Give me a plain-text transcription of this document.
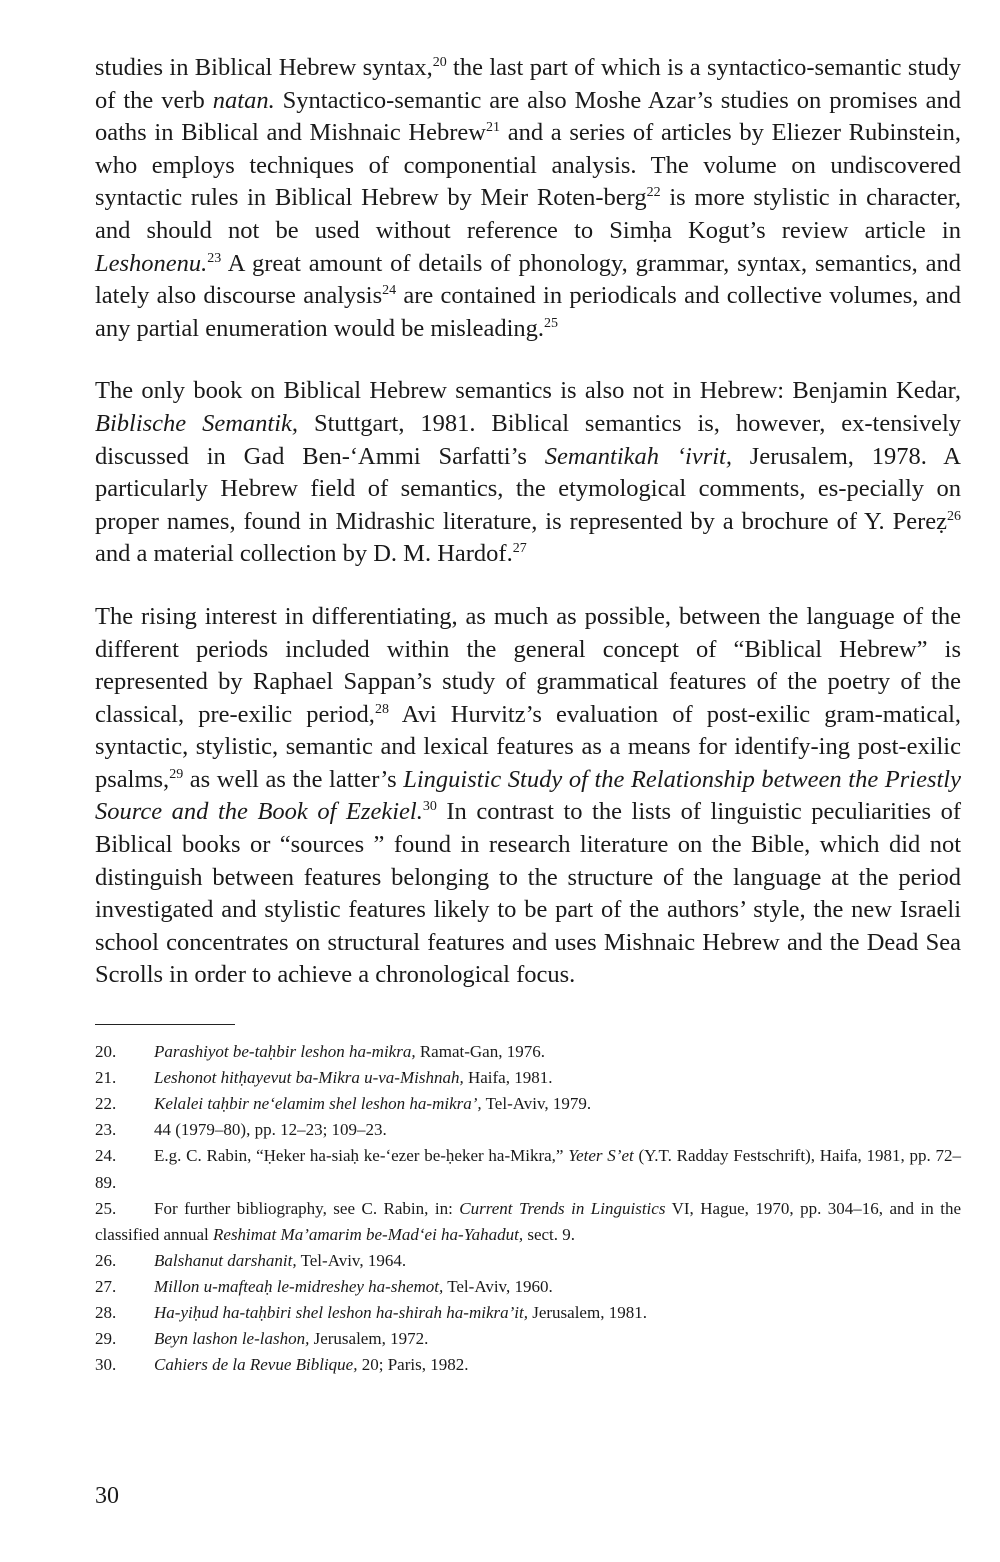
studies in Biblical Hebrew syntax,$^{20}$ the last part of which is a syntactico-semantic study of the verb natan. Syntactico-semantic are also Moshe Azar’s studies on promises and oaths in Biblical and Mishnaic Hebrew$^{21}$ and a series of articles by Eliezer Rubinstein, who employs techniques of componential analysis. The volume on undiscovered syntactic rules in Biblical Hebrew by Meir Roten-berg$^{22}$ is more stylistic in character, and should not be used without reference to Simḥa Kogut’s review article in Leshonenu.$^{23}$ A great amount of details of phonology, grammar, syntax, semantics, and lately also discourse analysis$^{24}$ are contained in periodicals and collective volumes, and any partial enumeration would be misleading.$^{25}$

The only book on Biblical Hebrew semantics is also not in Hebrew: Benjamin Kedar, Biblische Semantik, Stuttgart, 1981. Biblical semantics is, however, ex-tensively discussed in Gad Ben-‘Ammi Sarfatti’s Semantikah ‘ivrit, Jerusalem, 1978. A particularly Hebrew field of semantics, the etymological comments, es-pecially on proper names, found in Midrashic literature, is represented by a brochure of Y. Pereẓ$^{26}$ and a material collection by D. M. Hardof.$^{27}$

The rising interest in differentiating, as much as possible, between the language of the different periods included within the general concept of “Biblical Hebrew” is represented by Raphael Sappan’s study of grammatical features of the poetry of the classical, pre-exilic period,$^{28}$ Avi Hurvitz’s evaluation of post-exilic gram-matical, syntactic, stylistic, semantic and lexical features as a means for identify-ing post-exilic psalms,$^{29}$ as well as the latter’s Linguistic Study of the Relationship between the Priestly Source and the Book of Ezekiel.$^{30}$ In contrast to the lists of linguistic peculiarities of Biblical books or “sources ” found in research literature on the Bible, which did not distinguish between features belonging to the structure of the language at the period investigated and stylistic features likely to be part of the authors’ style, the new Israeli school concentrates on structural features and uses Mishnaic Hebrew and the Dead Sea Scrolls in order to achieve a chronological focus.

20.	Parashiyot be-taḥbir leshon ha-mikra, Ramat-Gan, 1976.
21.	Leshonot hitḥayevut ba-Mikra u-va-Mishnah, Haifa, 1981.
22.	Kelalei taḥbir ne‘elamim shel leshon ha-mikra’, Tel-Aviv, 1979.
23.	44 (1979–80), pp. 12–23; 109–23.
24. E.g. C. Rabin, “Ḥeker ha-siaḥ ke-‘ezer be-ḥeker ha-Mikra,” Yeter S’et (Y.T. Radday Festschrift), Haifa, 1981, pp. 72–89.
25. For further bibliography, see C. Rabin, in: Current Trends in Linguistics VI, Hague, 1970, pp. 304–16, and in the classified annual Reshimat Ma’amarim be-Mad‘ei ha-Yahadut, sect. 9.
26.	Balshanut darshanit, Tel-Aviv, 1964.
27.	Millon u-mafteaḥ le-midreshey ha-shemot, Tel-Aviv, 1960.
28.	Ha-yiḥud ha-taḥbiri shel leshon ha-shirah ha-mikra’it, Jerusalem, 1981.
29.	Beyn lashon le-lashon, Jerusalem, 1972.
30.	Cahiers de la Revue Biblique, 20; Paris, 1982.
30
